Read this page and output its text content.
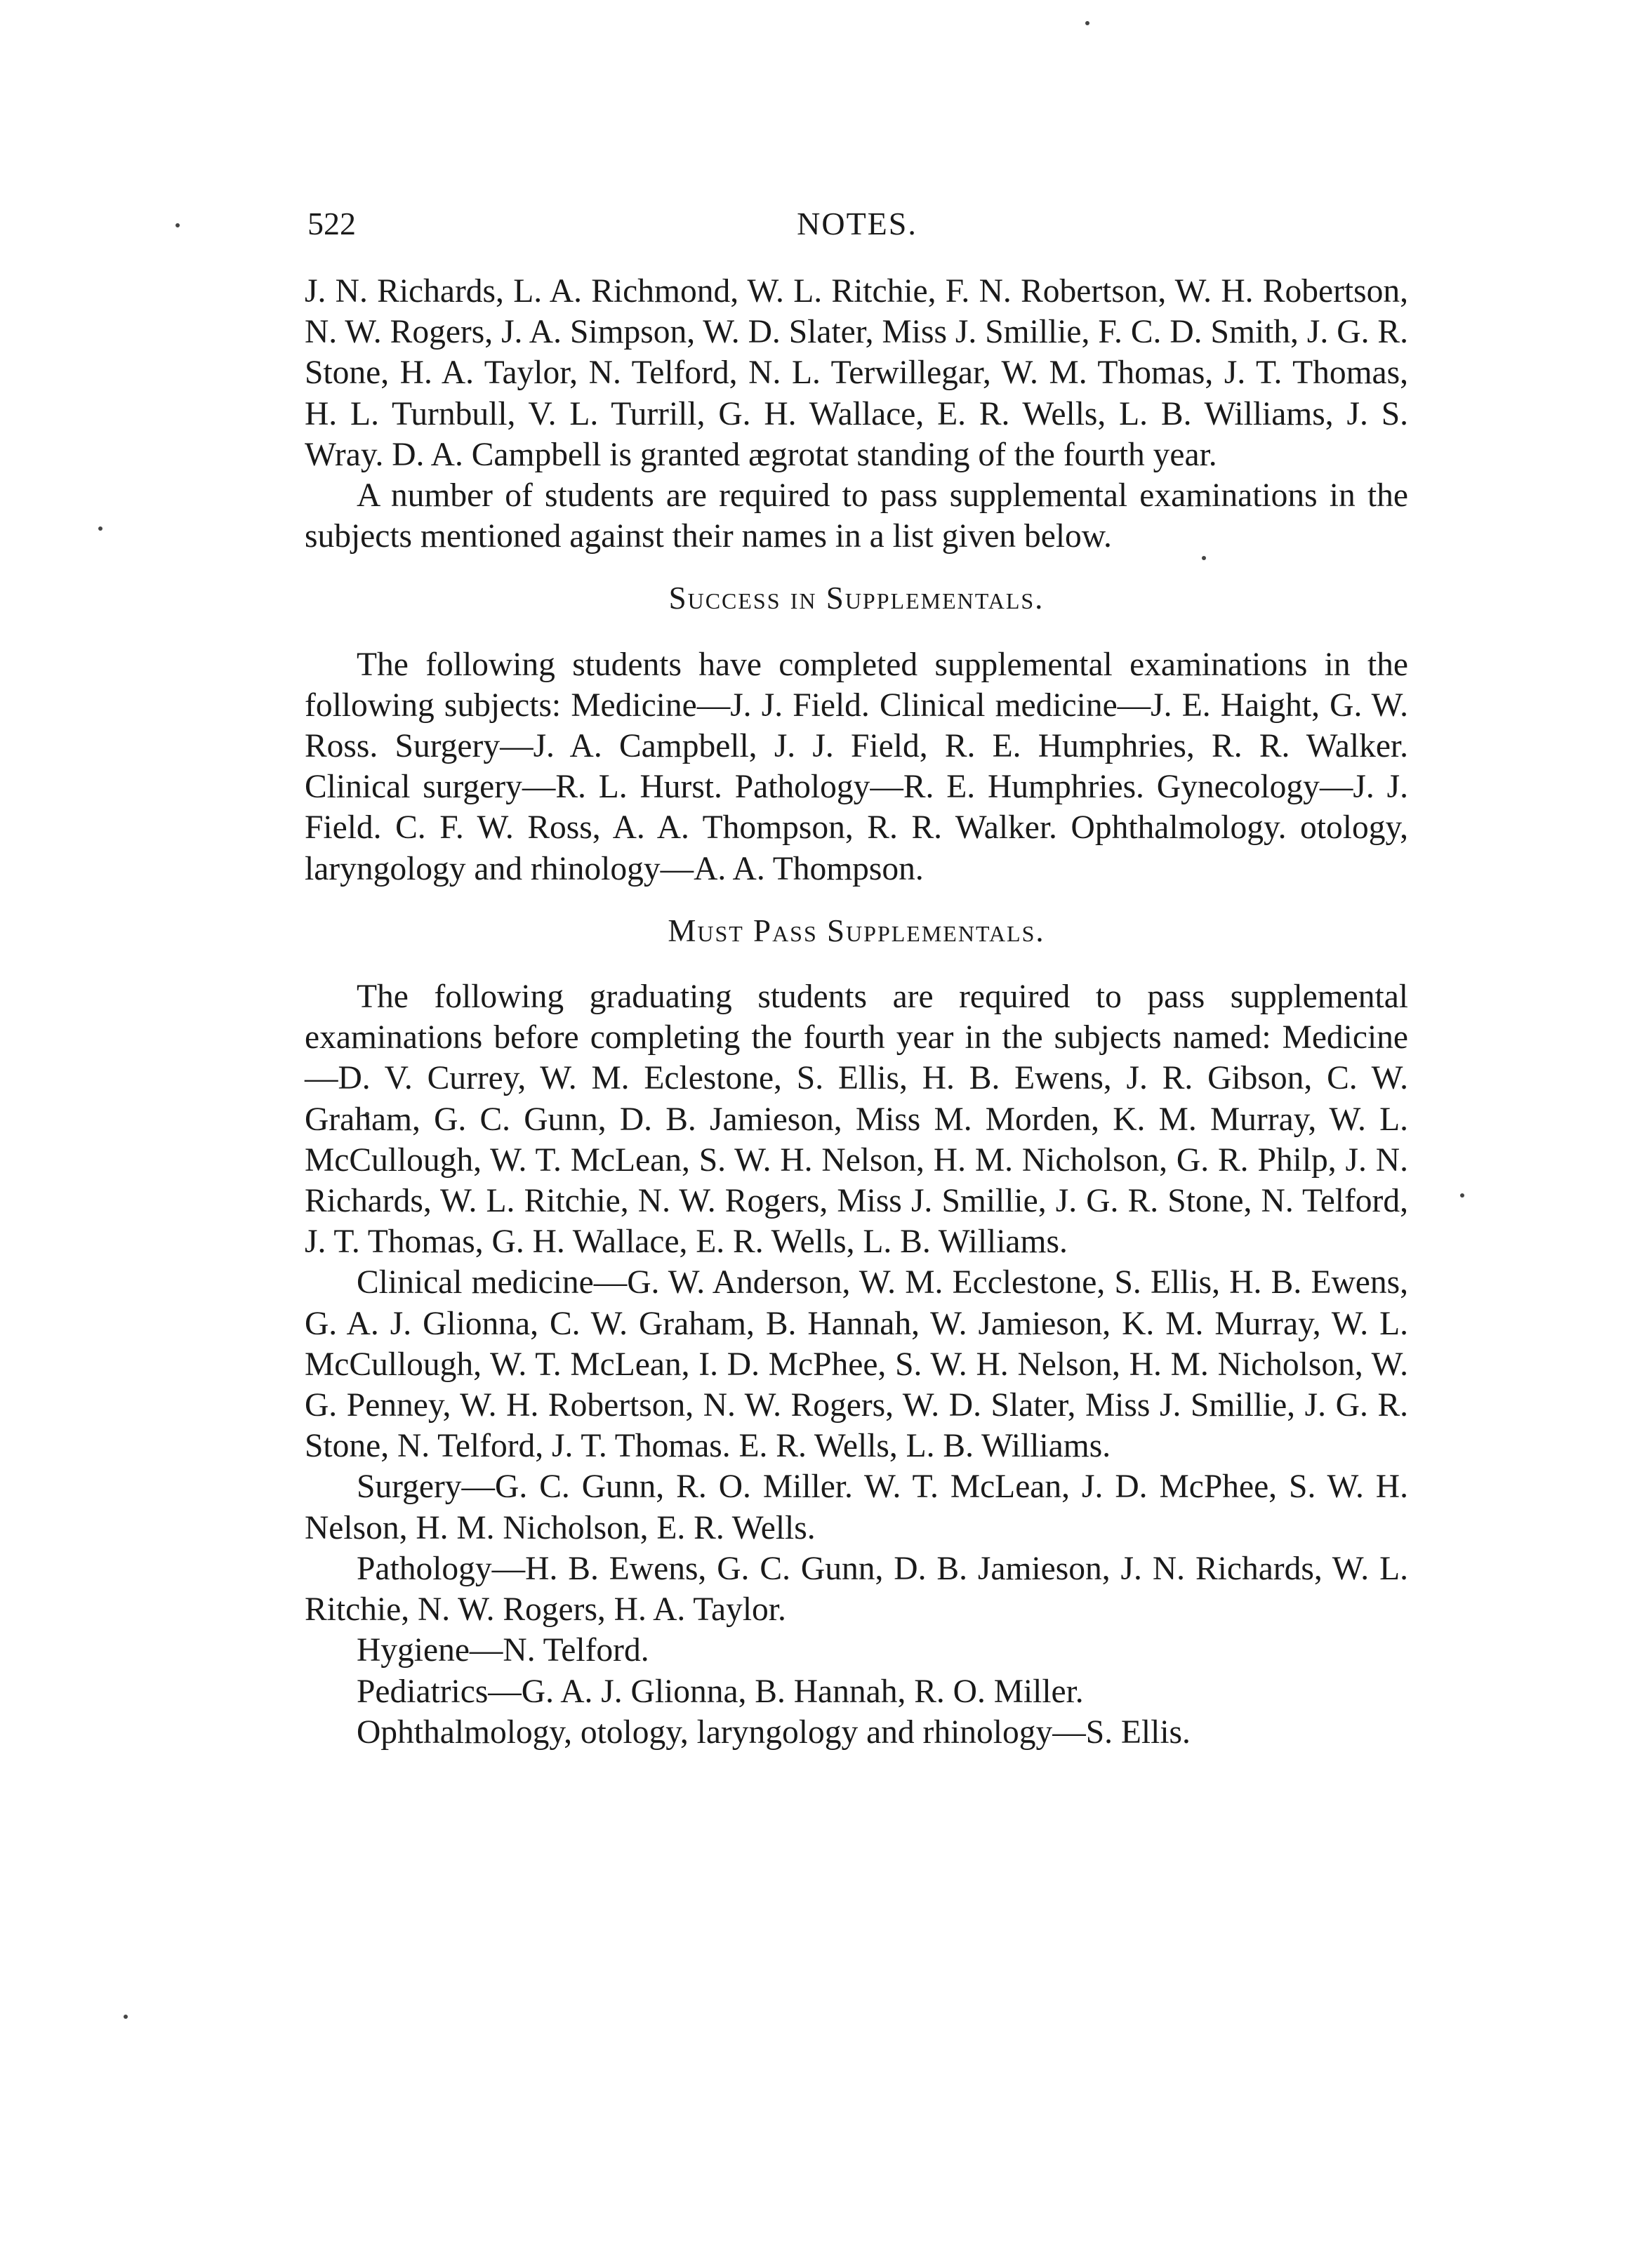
522	NOTES.

J. N. Richards, L. A. Richmond, W. L. Ritchie, F. N. Robertson, W. H. Robertson, N. W. Rogers, J. A. Simpson, W. D. Slater, Miss J. Smillie, F. C. D. Smith, J. G. R. Stone, H. A. Taylor, N. Telford, N. L. Terwillegar, W. M. Thomas, J. T. Thomas, H. L. Turnbull, V. L. Turrill, G. H. Wallace, E. R. Wells, L. B. Williams, J. S. Wray. D. A. Campbell is granted ægrotat standing of the fourth year.

A number of students are required to pass supplemental examinations in the subjects mentioned against their names in a list given below.

Success in Supplementals.

The following students have completed supplemental examinations in the following subjects: Medicine—J. J. Field. Clinical medicine—J. E. Haight, G. W. Ross. Surgery—J. A. Campbell, J. J. Field, R. E. Humphries, R. R. Walker. Clinical surgery—R. L. Hurst. Pathology—R. E. Humphries. Gynecology—J. J. Field. C. F. W. Ross, A. A. Thompson, R. R. Walker. Ophthalmology. otology, laryngology and rhinology—A. A. Thompson.

Must Pass Supplementals.

The following graduating students are required to pass supplemental examinations before completing the fourth year in the subjects named: Medicine—D. V. Currey, W. M. Eclestone, S. Ellis, H. B. Ewens, J. R. Gibson, C. W. Graham, G. C. Gunn, D. B. Jamieson, Miss M. Morden, K. M. Murray, W. L. McCullough, W. T. McLean, S. W. H. Nelson, H. M. Nicholson, G. R. Philp, J. N. Richards, W. L. Ritchie, N. W. Rogers, Miss J. Smillie, J. G. R. Stone, N. Telford, J. T. Thomas, G. H. Wallace, E. R. Wells, L. B. Williams.

Clinical medicine—G. W. Anderson, W. M. Ecclestone, S. Ellis, H. B. Ewens, G. A. J. Glionna, C. W. Graham, B. Hannah, W. Jamieson, K. M. Murray, W. L. McCullough, W. T. McLean, I. D. McPhee, S. W. H. Nelson, H. M. Nicholson, W. G. Penney, W. H. Robertson, N. W. Rogers, W. D. Slater, Miss J. Smillie, J. G. R. Stone, N. Telford, J. T. Thomas. E. R. Wells, L. B. Williams.

Surgery—G. C. Gunn, R. O. Miller. W. T. McLean, J. D. McPhee, S. W. H. Nelson, H. M. Nicholson, E. R. Wells.

Pathology—H. B. Ewens, G. C. Gunn, D. B. Jamieson, J. N. Richards, W. L. Ritchie, N. W. Rogers, H. A. Taylor.

Hygiene—N. Telford.

Pediatrics—G. A. J. Glionna, B. Hannah, R. O. Miller.

Ophthalmology, otology, laryngology and rhinology—S. Ellis.
